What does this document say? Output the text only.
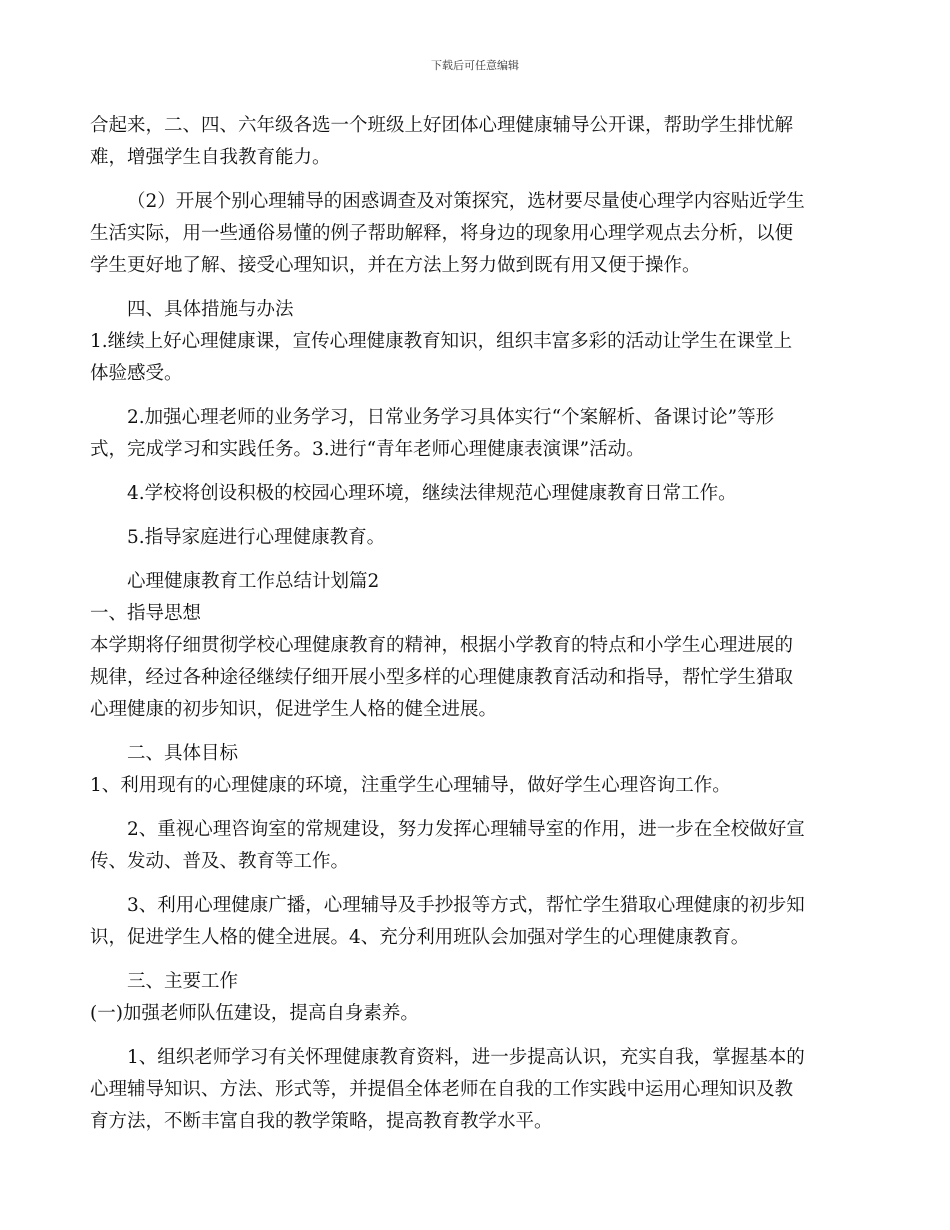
下载后可任意编辑
合起来，二、四、六年级各选一个班级上好团体心理健康辅导公开课，帮助学生排忧解
难，增强学生自我教育能力。
（2）开展个别心理辅导的困惑调查及对策探究，选材要尽量使心理学内容贴近学生
生活实际，用一些通俗易懂的例子帮助解释，将身边的现象用心理学观点去分析，以便
学生更好地了解、接受心理知识，并在方法上努力做到既有用又便于操作。
四、具体措施与办法
1.继续上好心理健康课，宣传心理健康教育知识，组织丰富多彩的活动让学生在课堂上
体验感受。
2.加强心理老师的业务学习，日常业务学习具体实行“个案解析、备课讨论”等形
式，完成学习和实践任务。3.进行“青年老师心理健康表演课”活动。
4.学校将创设积极的校园心理环境，继续法律规范心理健康教育日常工作。
5.指导家庭进行心理健康教育。
心理健康教育工作总结计划篇2
一、指导思想
本学期将仔细贯彻学校心理健康教育的精神，根据小学教育的特点和小学生心理进展的
规律，经过各种途径继续仔细开展小型多样的心理健康教育活动和指导，帮忙学生猎取
心理健康的初步知识，促进学生人格的健全进展。
二、具体目标
1、利用现有的心理健康的环境，注重学生心理辅导，做好学生心理咨询工作。
2、重视心理咨询室的常规建设，努力发挥心理辅导室的作用，进一步在全校做好宣
传、发动、普及、教育等工作。
3、利用心理健康广播，心理辅导及手抄报等方式，帮忙学生猎取心理健康的初步知
识，促进学生人格的健全进展。4、充分利用班队会加强对学生的心理健康教育。
三、主要工作
(一)加强老师队伍建设，提高自身素养。
1、组织老师学习有关怀理健康教育资料，进一步提高认识，充实自我，掌握基本的
心理辅导知识、方法、形式等，并提倡全体老师在自我的工作实践中运用心理知识及教
育方法，不断丰富自我的教学策略，提高教育教学水平。
